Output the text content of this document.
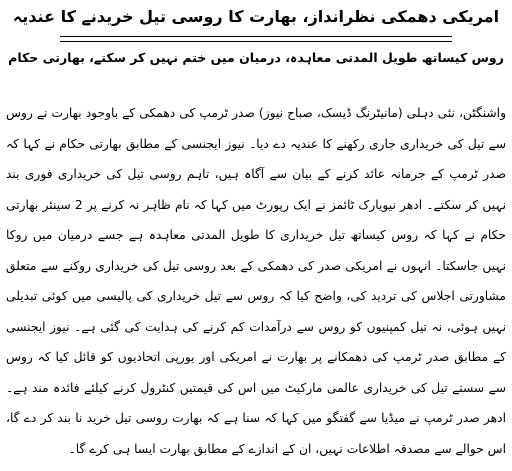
امریکی دھمکی نظرانداز، بھارت کا روسی تیل خریدنے کا عندیہ
روس کیساتھ طویل المدتی معاہدہ، درمیان میں ختم نہیں کر سکتے، بھارتی حکام

واشنگٹن، نئی دہلی (مانیٹرنگ ڈیسک، صباح نیوز) صدر ٹرمپ کی دھمکی کے باوجود بھارت نے روس سے تیل کی خریداری جاری رکھنے کا عندیہ دے دیا۔ نیوز ایجنسی کے مطابق بھارتی حکام نے کہا کہ صدر ٹرمپ کے جرمانہ عائد کرنے کے بیان سے آگاہ ہیں، تاہم روسی تیل کی خریداری فوری بند نہیں کر سکتے۔ ادھر نیویارک ٹائمز نے ایک رپورٹ میں کہا کہ نام ظاہر نہ کرنے پر 2 سینئر بھارتی حکام نے کہا کہ روس کیساتھ تیل خریداری کا طویل المدتی معاہدہ ہے جسے درمیان میں روکا نہیں جاسکتا۔ انہوں نے امریکی صدر کی دھمکی کے بعد روسی تیل کی خریداری روکنے سے متعلق مشاورتی اجلاس کی تردید کی، واضح کیا کہ روس سے تیل خریداری کی پالیسی میں کوئی تبدیلی نہیں ہوئی، نہ تیل کمپنیوں کو روس سے درآمدات کم کرنے کی ہدایت کی گئی ہے۔ نیوز ایجنسی کے مطابق صدر ٹرمپ کی دھمکانے پر بھارت نے امریکی اور یورپی اتحادیوں کو قائل کیا کہ روس سے سستے تیل کی خریداری عالمی مارکیٹ میں اس کی قیمتیں کنٹرول کرنے کیلئے فائدہ مند ہے۔ ادھر صدر ٹرمپ نے میڈیا سے گفتگو میں کہا کہ سنا ہے کہ بھارت روسی تیل خرید نا بند کر دے گا، اس حوالے سے مصدقہ اطلاعات نہیں، ان کے اندازے کے مطابق بھارت ایسا ہی کرے گا۔
